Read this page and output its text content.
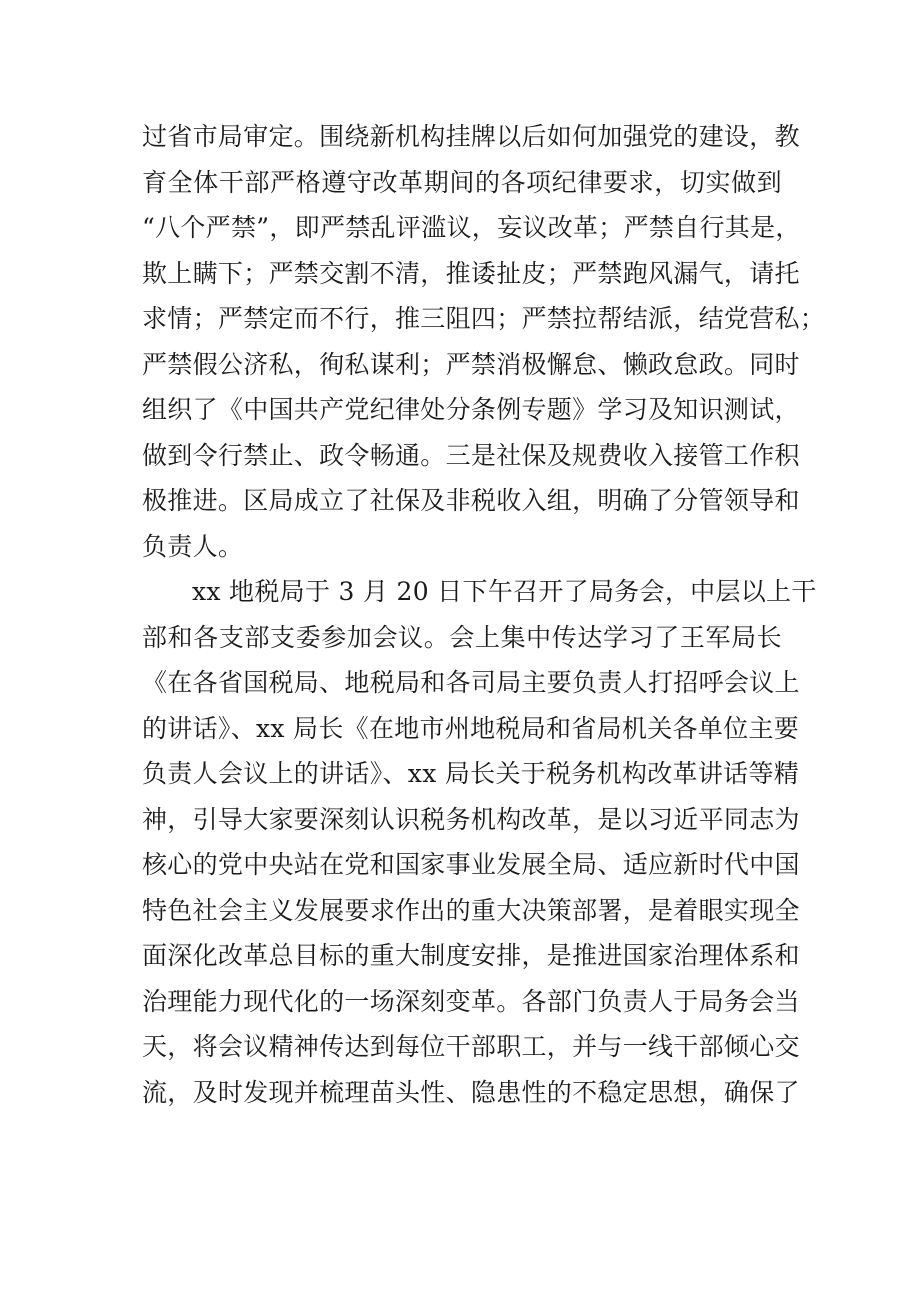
过省市局审定。围绕新机构挂牌以后如何加强党的建设，教
育全体干部严格遵守改革期间的各项纪律要求，切实做到
“八个严禁”，即严禁乱评滥议，妄议改革；严禁自行其是，
欺上瞒下；严禁交割不清，推诿扯皮；严禁跑风漏气，请托
求情；严禁定而不行，推三阻四；严禁拉帮结派，结党营私；
严禁假公济私，徇私谋利；严禁消极懈怠、懒政怠政。同时
组织了《中国共产党纪律处分条例专题》学习及知识测试，
做到令行禁止、政令畅通。三是社保及规费收入接管工作积
极推进。区局成立了社保及非税收入组，明确了分管领导和
负责人。
xx 地税局于 3 月 20 日下午召开了局务会，中层以上干
部和各支部支委参加会议。会上集中传达学习了王军局长
《在各省国税局、地税局和各司局主要负责人打招呼会议上
的讲话》、xx 局长《在地市州地税局和省局机关各单位主要
负责人会议上的讲话》、xx 局长关于税务机构改革讲话等精
神，引导大家要深刻认识税务机构改革，是以习近平同志为
核心的党中央站在党和国家事业发展全局、适应新时代中国
特色社会主义发展要求作出的重大决策部署，是着眼实现全
面深化改革总目标的重大制度安排，是推进国家治理体系和
治理能力现代化的一场深刻变革。各部门负责人于局务会当
天，将会议精神传达到每位干部职工，并与一线干部倾心交
流，及时发现并梳理苗头性、隐患性的不稳定思想，确保了
